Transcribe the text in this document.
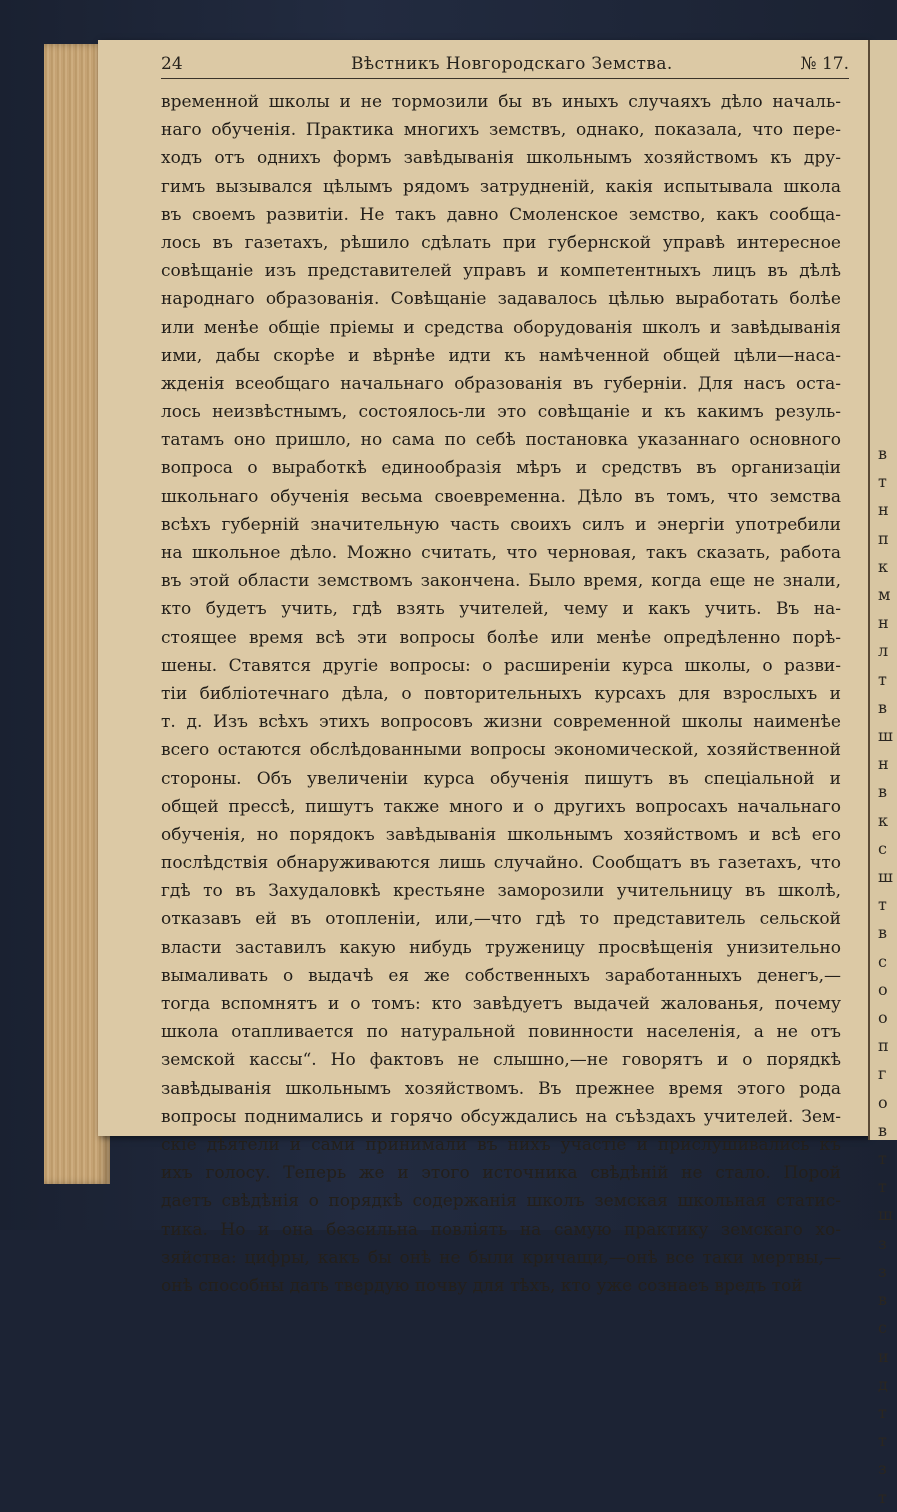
24	Вѣстникъ Новгородскаго Земства.	№ 17.
временной школы и не тормозили бы въ иныхъ случаяхъ дѣло началь-
наго обученія. Практика многихъ земствъ, однако, показала, что пере-
ходъ отъ однихъ формъ завѣдыванія школьнымъ хозяйствомъ къ дру-
гимъ вызывался цѣлымъ рядомъ затрудненій, какія испытывала школа
въ своемъ развитіи. Не такъ давно Смоленское земство, какъ сообща-
лось въ газетахъ, рѣшило сдѣлать при губернской управѣ интересное
совѣщаніе изъ представителей управъ и компетентныхъ лицъ въ дѣлѣ
народнаго образованія. Совѣщаніе задавалось цѣлью выработать болѣе
или менѣе общіе пріемы и средства оборудованія школъ и завѣдыванія
ими, дабы скорѣе и вѣрнѣе идти къ намѣченной общей цѣли—наса-
жденія всеобщаго начальнаго образованія въ губерніи. Для насъ оста-
лось неизвѣстнымъ, состоялось-ли это совѣщаніе и къ какимъ резуль-
татамъ оно пришло, но сама по себѣ постановка указаннаго основного
вопроса о выработкѣ единообразія мѣръ и средствъ въ организаціи
школьнаго обученія весьма своевременна. Дѣло въ томъ, что земства
всѣхъ губерній значительную часть своихъ силъ и энергіи употребили
на школьное дѣло. Можно считать, что черновая, такъ сказать, работа
въ этой области земствомъ закончена. Было время, когда еще не знали,
кто будетъ учить, гдѣ взять учителей, чему и какъ учить. Въ на-
стоящее время всѣ эти вопросы болѣе или менѣе опредѣленно порѣ-
шены. Ставятся другіе вопросы: о расширеніи курса школы, о разви-
тіи библіотечнаго дѣла, о повторительныхъ курсахъ для взрослыхъ и
т. д. Изъ всѣхъ этихъ вопросовъ жизни современной школы наименѣе
всего остаются обслѣдованными вопросы экономической, хозяйственной
стороны. Объ увеличеніи курса обученія пишутъ въ спеціальной и
общей прессѣ, пишутъ также много и о другихъ вопросахъ начальнаго
обученія, но порядокъ завѣдыванія школьнымъ хозяйствомъ и всѣ его
послѣдствія обнаруживаются лишь случайно. Сообщатъ въ газетахъ, что
гдѣ то въ Захудаловкѣ крестьяне заморозили учительницу въ школѣ,
отказавъ ей въ отопленіи, или,—что гдѣ то представитель сельской
власти заставилъ какую нибудь труженицу просвѣщенія унизительно
вымаливать о выдачѣ ея же собственныхъ заработанныхъ денегъ,—
тогда вспомнятъ и о томъ: кто завѣдуетъ выдачей жалованья, почему
школа отапливается по натуральной повинности населенія, а не отъ
земской кассы“. Но фактовъ не слышно,—не говорятъ и о порядкѣ
завѣдыванія школьнымъ хозяйствомъ. Въ прежнее время этого рода
вопросы поднимались и горячо обсуждались на съѣздахъ учителей. Зем-
скіе дѣятели и сами принимали въ нихъ участіе и прислушивались къ
ихъ голосу. Теперь же и этого источника свѣдѣній не стало. Порой
даетъ свѣдѣнія о порядкѣ содержанія школъ земская школьная статис-
тика. Но и она безсильна повліять на самую практику земскаго хо-
зяйства: цифры, какъ бы онѣ не были кричащи,—онѣ все таки мертвы,—
онѣ способны дать твердую почву для тѣхъ, кто уже сознаеъ вредъ той
в
т
н
п
к
м
н
л
т
в
ш
н
в
к
с
ш
т
в
с
о
о
п
г
о
в
т
т
ш
з
з
в
с
и
д
т
т
з
т
